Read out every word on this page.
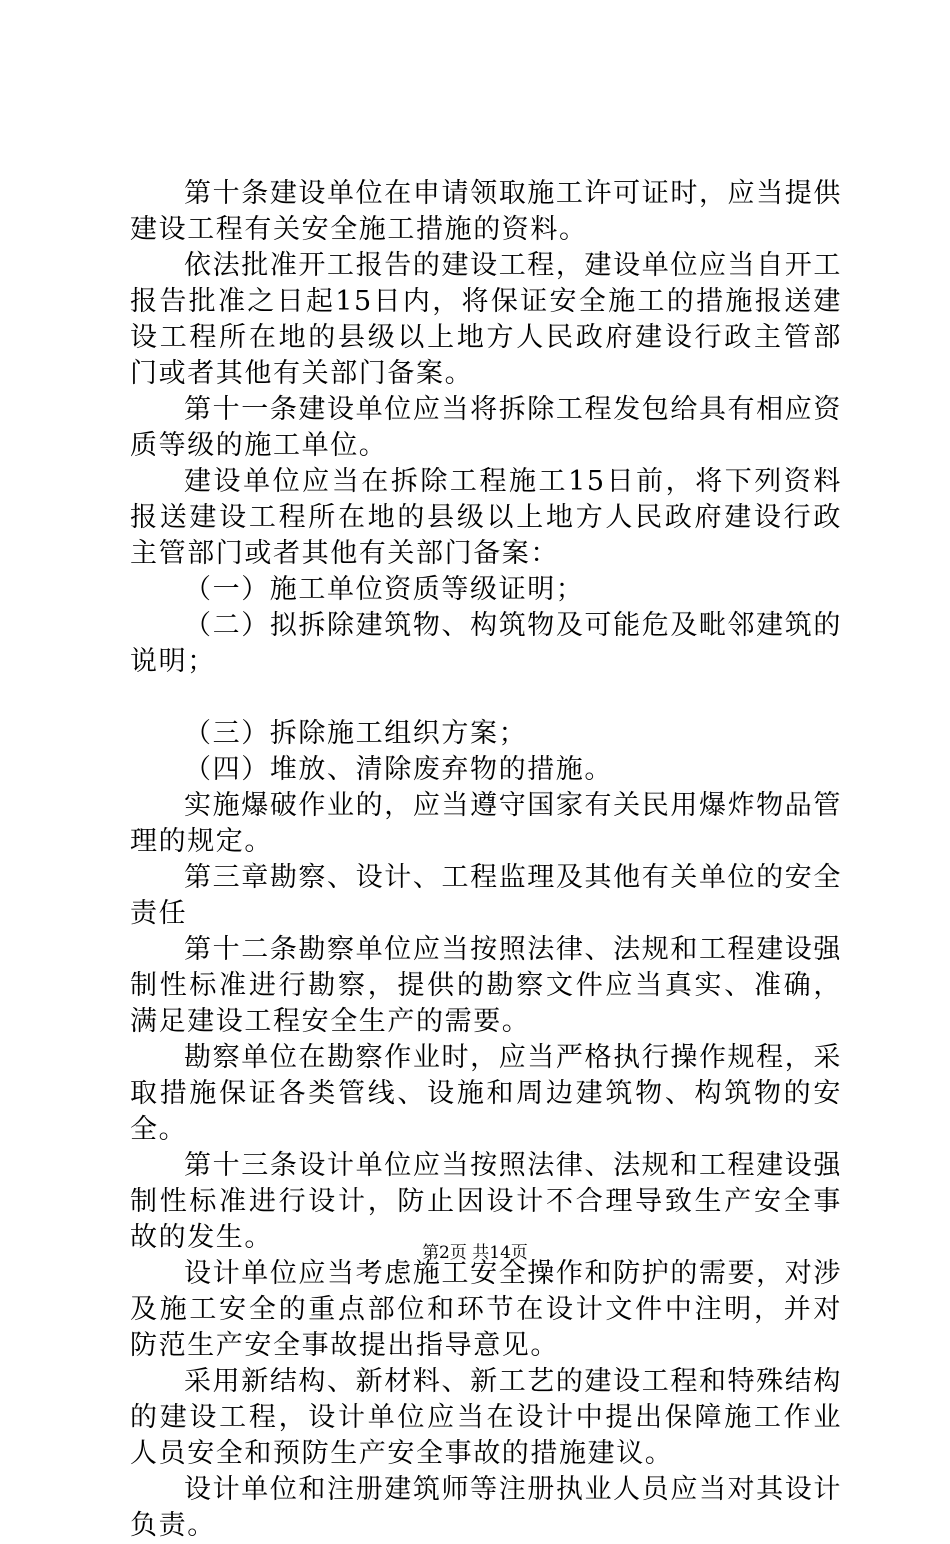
第十条建设单位在申请领取施工许可证时，应当提供建设工程有关安全施工措施的资料。

依法批准开工报告的建设工程，建设单位应当自开工报告批准之日起15日内，将保证安全施工的措施报送建设工程所在地的县级以上地方人民政府建设行政主管部门或者其他有关部门备案。

第十一条建设单位应当将拆除工程发包给具有相应资质等级的施工单位。

建设单位应当在拆除工程施工15日前，将下列资料报送建设工程所在地的县级以上地方人民政府建设行政主管部门或者其他有关部门备案：

（一）施工单位资质等级证明；

（二）拟拆除建筑物、构筑物及可能危及毗邻建筑的说明；

（三）拆除施工组织方案；

（四）堆放、清除废弃物的措施。

实施爆破作业的，应当遵守国家有关民用爆炸物品管理的规定。

第三章勘察、设计、工程监理及其他有关单位的安全责任

第十二条勘察单位应当按照法律、法规和工程建设强制性标准进行勘察，提供的勘察文件应当真实、准确，满足建设工程安全生产的需要。

勘察单位在勘察作业时，应当严格执行操作规程，采取措施保证各类管线、设施和周边建筑物、构筑物的安全。

第十三条设计单位应当按照法律、法规和工程建设强制性标准进行设计，防止因设计不合理导致生产安全事故的发生。

设计单位应当考虑施工安全操作和防护的需要，对涉及施工安全的重点部位和环节在设计文件中注明，并对防范生产安全事故提出指导意见。

采用新结构、新材料、新工艺的建设工程和特殊结构的建设工程，设计单位应当在设计中提出保障施工作业人员安全和预防生产安全事故的措施建议。

设计单位和注册建筑师等注册执业人员应当对其设计负责。

第2页 共14页
